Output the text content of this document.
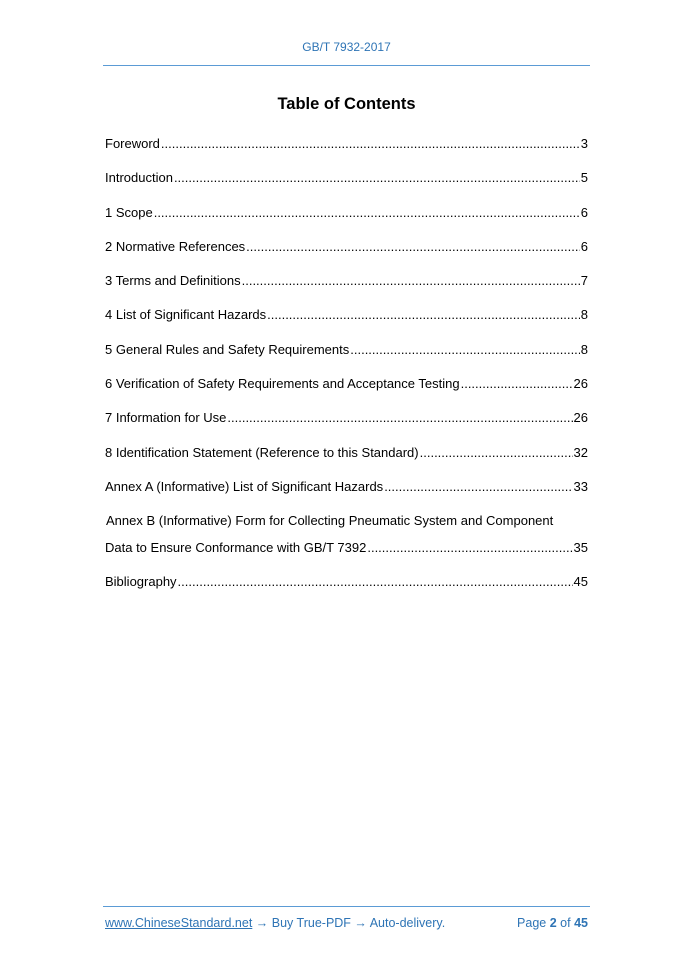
GB/T 7932-2017
Table of Contents
Foreword .....	3
Introduction .....	5
1 Scope .....	6
2 Normative References .....	6
3 Terms and Definitions .....	7
4 List of Significant Hazards .....	8
5 General Rules and Safety Requirements .....	8
6 Verification of Safety Requirements and Acceptance Testing .....	26
7 Information for Use .....	26
8 Identification Statement (Reference to this Standard) .....	32
Annex A (Informative) List of Significant Hazards .....	33
Annex B (Informative) Form for Collecting Pneumatic System and Component
Data to Ensure Conformance with GB/T 7392 .....	35
Bibliography .....	45
www.ChineseStandard.net → Buy True-PDF → Auto-delivery.	Page 2 of 45
